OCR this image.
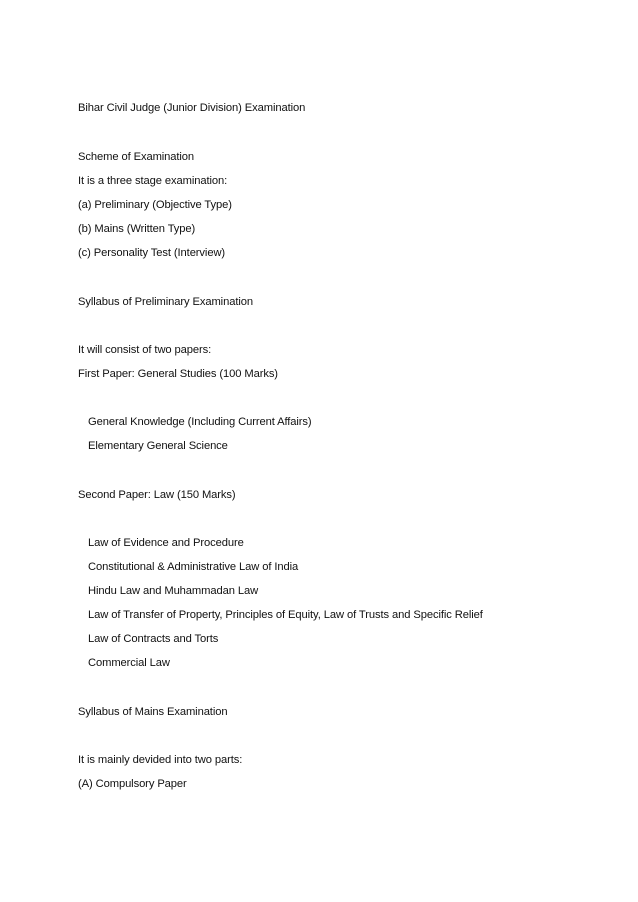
Bihar Civil Judge (Junior Division) Examination
Scheme of Examination
It is a three stage examination:
(a) Preliminary (Objective Type)
(b) Mains (Written Type)
(c) Personality Test (Interview)
Syllabus of Preliminary Examination
It will consist of two papers:
First Paper: General Studies (100 Marks)
General Knowledge (Including Current Affairs)
Elementary General Science
Second Paper: Law (150 Marks)
Law of Evidence and Procedure
Constitutional & Administrative Law of India
Hindu Law and Muhammadan Law
Law of Transfer of Property, Principles of Equity, Law of Trusts and Specific Relief
Law of Contracts and Torts
Commercial Law
Syllabus of Mains Examination
It is mainly devided into two parts:
(A) Compulsory Paper
